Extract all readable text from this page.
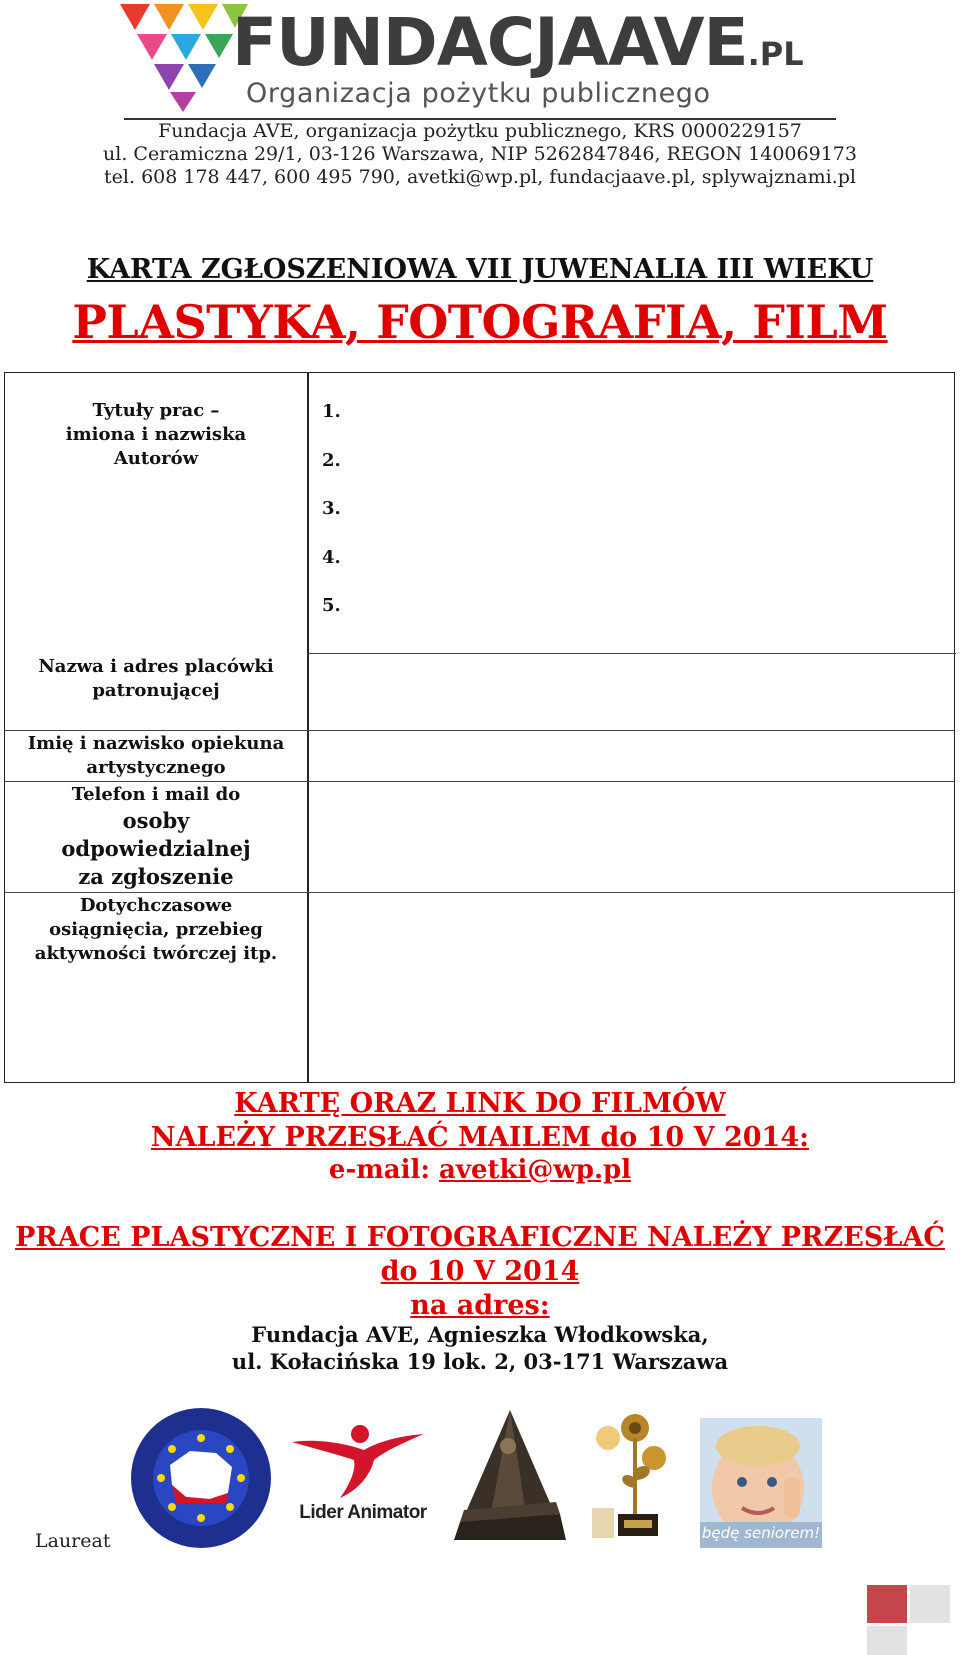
FUNDACJAAVE.PL
Organizacja pożytku publicznego
Fundacja AVE, organizacja pożytku publicznego, KRS 0000229157
ul. Ceramiczna 29/1, 03-126 Warszawa, NIP 5262847846, REGON 140069173
tel. 608 178 447, 600 495 790, avetki@wp.pl, fundacjaave.pl, splywajznami.pl
KARTA ZGŁOSZENIOWA VII JUWENALIA III WIEKU
PLASTYKA, FOTOGRAFIA, FILM
Tytuły prac –
imiona i nazwiska
Autorów
1.
2.
3.
4.
5.
Nazwa i adres placówki
patronującej
Imię i nazwisko opiekuna
artystycznego
Telefon i mail do
osoby
odpowiedzialnej
za zgłoszenie
Dotychczasowe
osiągnięcia, przebieg
aktywności twórczej itp.
KARTĘ ORAZ LINK DO FILMÓW
NALEŻY PRZESŁAĆ MAILEM do 10 V 2014:
e-mail: avetki@wp.pl
PRACE PLASTYCZNE I FOTOGRAFICZNE NALEŻY PRZESŁAĆ
do 10 V 2014
na adres:
Fundacja AVE, Agnieszka Włodkowska,
ul. Kołacińska 19 lok. 2, 03-171 Warszawa
Laureat
2011
Lider Animator
będę seniorem!
